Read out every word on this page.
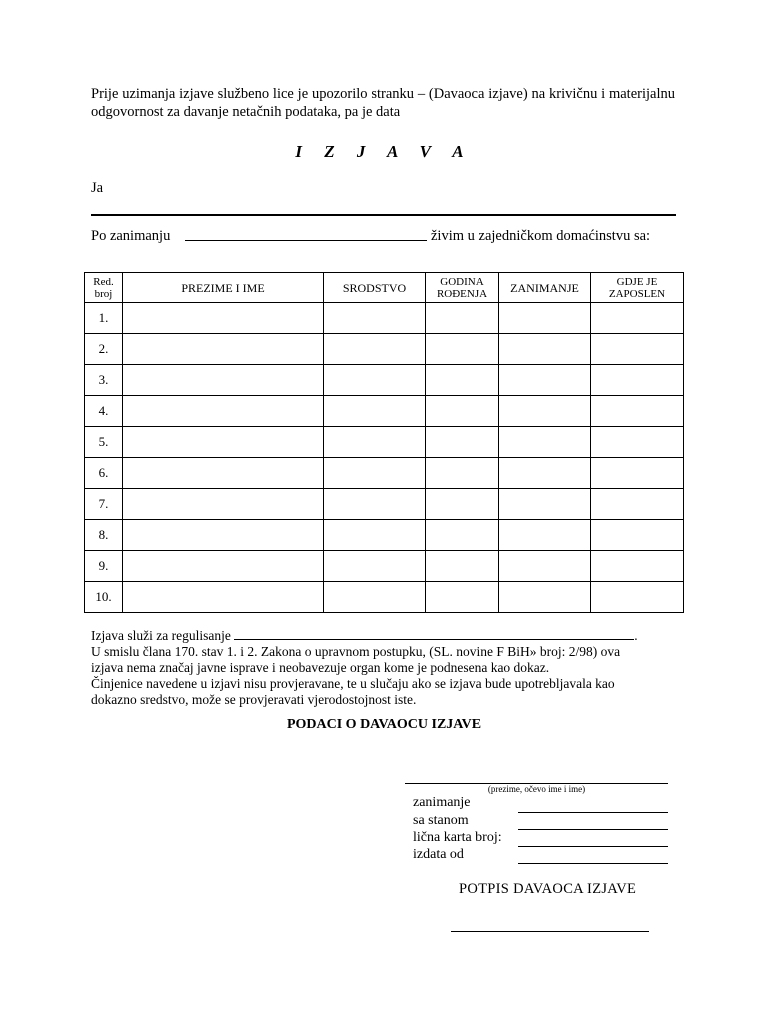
Prije uzimanja izjave službeno lice je upozorilo stranku – (Davaoca izjave) na krivičnu i materijalnu odgovornost za davanje netačnih podataka, pa je data
I Z J A V A
Ja
Po zanimanju	živim u zajedničkom domaćinstvu sa:
Red. broj	PREZIME I IME	SRODSTVO	GODINA ROĐENJA	ZANIMANJE	GDJE JE ZAPOSLEN
1.					
2.					
3.					
4.					
5.					
6.					
7.					
8.					
9.					
10.					

Izjava služi za regulisanje	.

U smislu člana 170. stav 1. i 2. Zakona o upravnom postupku, (SL. novine F BiH» broj: 2/98) ova

izjava nema značaj javne isprave i neobavezuje organ kome je podnesena kao dokaz.

Činjenice navedene u izjavi nisu provjeravane, te u slučaju ako se izjava bude upotrebljavala kao

dokazno sredstvo, može se provjeravati vjerodostojnost iste.

PODACI O DAVAOCU IZJAVE
(prezime, očevo ime i ime)
zanimanje
sa stanom
lična karta broj:
izdata od
POTPIS DAVAOCA IZJAVE
